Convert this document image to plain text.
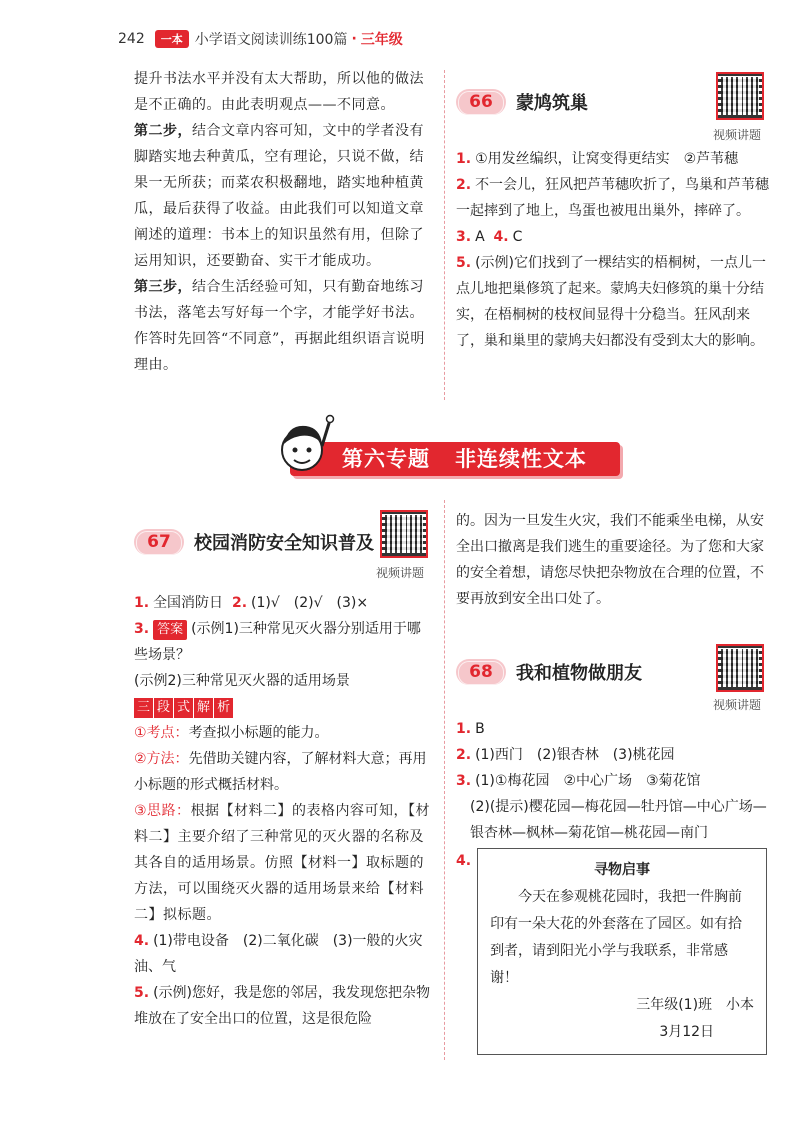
242	一本 小学语文阅读训练100篇 · 三年级

提升书法水平并没有太大帮助，所以他的做法是不正确的。由此表明观点——不同意。

第二步，结合文章内容可知，文中的学者没有脚踏实地去种黄瓜，空有理论，只说不做，结果一无所获；而菜农积极翻地，踏实地种植黄瓜，最后获得了收益。由此我们可以知道文章阐述的道理：书本上的知识虽然有用，但除了运用知识，还要勤奋、实干才能成功。

第三步，结合生活经验可知，只有勤奋地练习书法，落笔去写好每一个字，才能学好书法。作答时先回答“不同意”，再据此组织语言说明理由。

66	蒙鸠筑巢

1. ①用发丝编织，让窝变得更结实　②芦苇穗

2. 不一会儿，狂风把芦苇穗吹折了，鸟巢和芦苇穗一起摔到了地上，鸟蛋也被甩出巢外，摔碎了。

3. A 4. C

5. (示例)它们找到了一棵结实的梧桐树，一点儿一点儿地把巢修筑了起来。蒙鸠夫妇修筑的巢十分结实，在梧桐树的枝杈间显得十分稳当。狂风刮来了，巢和巢里的蒙鸠夫妇都没有受到太大的影响。

视频讲题
第六专题 非连续性文本
67	校园消防安全知识普及

1. 全国消防日 2. (1)√　(2)√　(3)×

3. 答案 (示例1)三种常见灭火器分别适用于哪些场景？

(示例2)三种常见灭火器的适用场景

三 段 式 解 析

①考点：考查拟小标题的能力。

②方法：先借助关键内容，了解材料大意；再用小标题的形式概括材料。

③思路：根据【材料二】的表格内容可知，【材料二】主要介绍了三种常见的灭火器的名称及其各自的适用场景。仿照【材料一】取标题的方法，可以围绕灭火器的适用场景来给【材料二】拟标题。

4. (1)带电设备　(2)二氧化碳　(3)一般的火灾　油、气

5. (示例)您好，我是您的邻居，我发现您把杂物堆放在了安全出口的位置，这是很危险

视频讲题
的。因为一旦发生火灾，我们不能乘坐电梯，从安全出口撤离是我们逃生的重要途径。为了您和大家的安全着想，请您尽快把杂物放在合理的位置，不要再放到安全出口处了。
68	我和植物做朋友

1. B

2. (1)西门　(2)银杏林　(3)桃花园

3. (1)①梅花园　②中心广场　③菊花馆

(2)(提示)樱花园—梅花园—牡丹馆—中心广场—银杏林—枫林—菊花馆—桃花园—南门

4.

寻物启事

今天在参观桃花园时，我把一件胸前印有一朵大花的外套落在了园区。如有拾到者，请到阳光小学与我联系，非常感谢！

三年级(1)班　小本

3月12日

视频讲题
